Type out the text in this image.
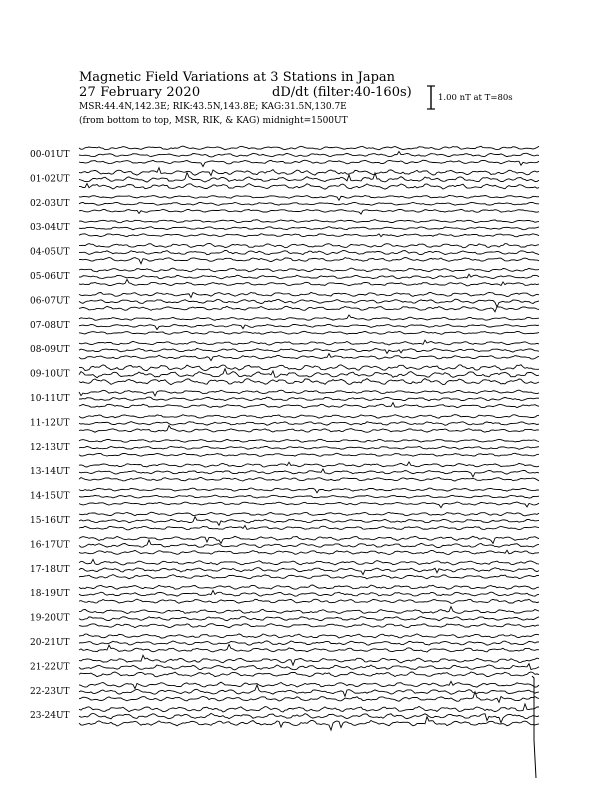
Magnetic Field Variations at 3 Stations in Japan
27 February 2020	dD/dt (filter:40-160s)
MSR:44.4N,142.3E; RIK:43.5N,143.8E; KAG:31.5N,130.7E
(from bottom to top, MSR, RIK, & KAG) midnight=1500UT
1.00 nT at T=80s
00-01UT
01-02UT
02-03UT
03-04UT
04-05UT
05-06UT
06-07UT
07-08UT
08-09UT
09-10UT
10-11UT
11-12UT
12-13UT
13-14UT
14-15UT
15-16UT
16-17UT
17-18UT
18-19UT
19-20UT
20-21UT
21-22UT
22-23UT
23-24UT
